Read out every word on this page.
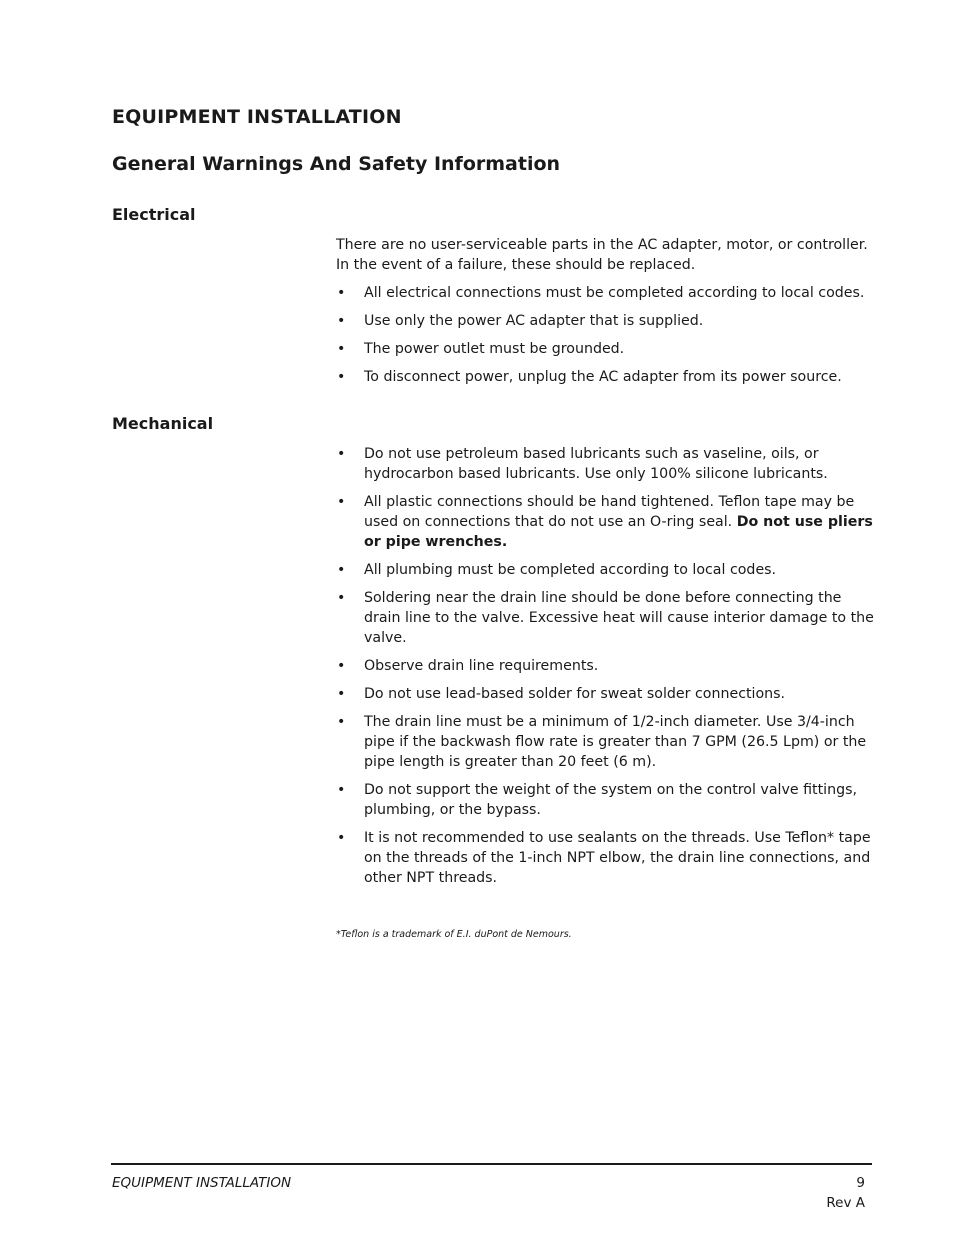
EQUIPMENT INSTALLATION
General Warnings And Safety Information
Electrical

There are no user-serviceable parts in the AC adapter, motor, or controller. In the event of a failure, these should be replaced.

• All electrical connections must be completed according to local codes.
• Use only the power AC adapter that is supplied.
• The power outlet must be grounded.
• To disconnect power, unplug the AC adapter from its power source.
Mechanical
• Do not use petroleum based lubricants such as vaseline, oils, or hydrocarbon based lubricants. Use only 100% silicone lubricants.
• All plastic connections should be hand tightened. Teflon tape may be used on connections that do not use an O-ring seal. Do not use pliers or pipe wrenches.
• All plumbing must be completed according to local codes.
• Soldering near the drain line should be done before connecting the drain line to the valve. Excessive heat will cause interior damage to the valve.
• Observe drain line requirements.
• Do not use lead-based solder for sweat solder connections.
• The drain line must be a minimum of 1/2-inch diameter. Use 3/4-inch pipe if the backwash flow rate is greater than 7 GPM (26.5 Lpm) or the pipe length is greater than 20 feet (6 m).
• Do not support the weight of the system on the control valve fittings, plumbing, or the bypass.
• It is not recommended to use sealants on the threads. Use Teflon* tape on the threads of the 1-inch NPT elbow, the drain line connections, and other NPT threads.
*Teflon is a trademark of E.I. duPont de Nemours.
EQUIPMENT INSTALLATION	9
Rev A
